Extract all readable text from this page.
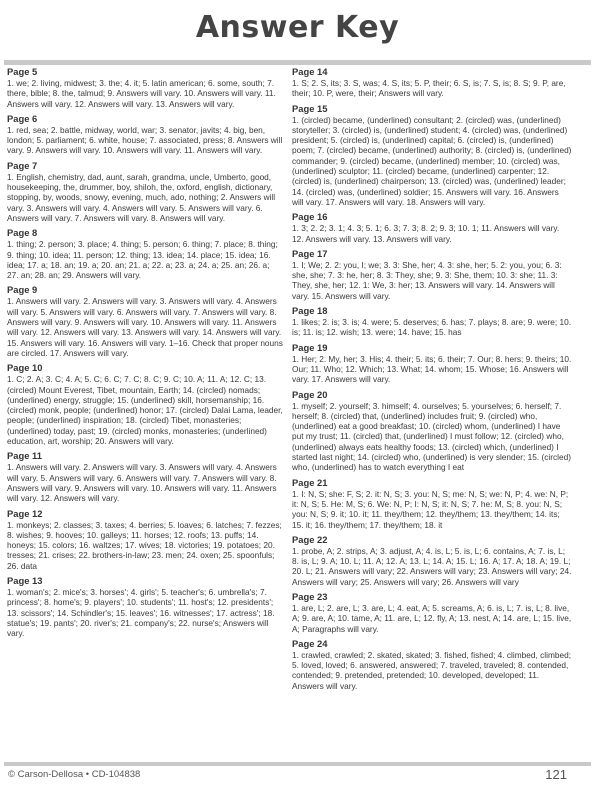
Answer Key
Page 5

1. we; 2. living, midwest; 3. the; 4. it; 5. latin american; 6. some, south; 7. there, bible; 8. the, talmud; 9. Answers will vary. 10. Answers will vary. 11. Answers will vary. 12. Answers will vary. 13. Answers will vary.

Page 6

1. red, sea; 2. battle, midway, world, war; 3. senator, javits; 4. big, ben, london; 5. parliament; 6. white, house; 7. associated, press; 8. Answers will vary. 9. Answers will vary. 10. Answers will vary. 11. Answers will vary.

Page 7

1. English, chemistry, dad, aunt, sarah, grandma, uncle, Umberto, good, housekeeping, the, drummer, boy, shiloh, the, oxford, english, dictionary, stopping, by, woods, snowy, evening, much, ado, nothing; 2. Answers will vary. 3. Answers will vary. 4. Answers will vary. 5. Answers will vary. 6. Answers will vary. 7. Answers will vary. 8. Answers will vary.

Page 8

1. thing; 2. person; 3. place; 4. thing; 5. person; 6. thing; 7. place; 8. thing; 9. thing; 10. idea; 11. person; 12. thing; 13. idea; 14. place; 15. idea; 16. idea; 17. a; 18. an; 19. a; 20. an; 21. a; 22. a; 23. a; 24. a; 25. an; 26. a; 27. an; 28. an; 29. Answers will vary.

Page 9

1. Answers will vary. 2. Answers will vary. 3. Answers will vary. 4. Answers will vary. 5. Answers will vary. 6. Answers will vary. 7. Answers will vary. 8. Answers will vary. 9. Answers will vary. 10. Answers will vary. 11. Answers will vary. 12. Answers will vary. 13. Answers will vary. 14. Answers will vary. 15. Answers will vary. 16. Answers will vary. 1–16. Check that proper nouns are circled. 17. Answers will vary.

Page 10

1. C; 2. A; 3. C; 4. A; 5. C; 6. C; 7. C; 8. C; 9. C; 10. A; 11. A; 12. C; 13. (circled) Mount Everest, Tibet, mountain, Earth; 14. (circled) nomads; (underlined) energy, struggle; 15. (underlined) skill, horsemanship; 16. (circled) monk, people; (underlined) honor; 17. (circled) Dalai Lama, leader, people; (underlined) inspiration; 18. (circled) Tibet, monasteries; (underlined) today, past; 19. (circled) monks, monasteries; (underlined) education, art, worship; 20. Answers will vary.

Page 11

1. Answers will vary. 2. Answers will vary. 3. Answers will vary. 4. Answers will vary. 5. Answers will vary. 6. Answers will vary. 7. Answers will vary. 8. Answers will vary. 9. Answers will vary. 10. Answers will vary. 11. Answers will vary. 12. Answers will vary.

Page 12

1. monkeys; 2. classes; 3. taxes; 4. berries; 5. loaves; 6. latches; 7. fezzes; 8. wishes; 9. hooves; 10. galleys; 11. horses; 12. roofs; 13. puffs; 14. honeys; 15. colors; 16. waltzes; 17. wives; 18. victories; 19. potatoes; 20. tresses; 21. crises; 22. brothers-in-law; 23. men; 24. oxen; 25. spoonfuls; 26. data

Page 13

1. woman's; 2. mice's; 3. horses'; 4. girls'; 5. teacher's; 6. umbrella's; 7. princess'; 8. home's; 9. players'; 10. students'; 11. host's; 12. presidents'; 13. scissors'; 14. Schindler's; 15. leaves'; 16. witnesses'; 17. actress'; 18. statue's; 19. pants'; 20. river's; 21. company's; 22. nurse's; Answers will vary.

Page 14

1. S; 2. S, its; 3. S, was; 4. S, its; 5. P, their; 6. S, is; 7. S, is; 8. S; 9. P, are, their; 10. P, were, their; Answers will vary.

Page 15

1. (circled) became, (underlined) consultant; 2. (circled) was, (underlined) storyteller; 3. (circled) is, (underlined) student; 4. (circled) was, (underlined) president; 5. (circled) is, (underlined) capital; 6. (circled) is, (underlined) poem; 7. (circled) became, (underlined) authority; 8. (circled) is, (underlined) commander; 9. (circled) became, (underlined) member; 10. (circled) was, (underlined) sculptor; 11. (circled) became, (underlined) carpenter; 12. (circled) is, (underlined) chairperson; 13. (circled) was, (underlined) leader; 14. (circled) was, (underlined) soldier; 15. Answers will vary. 16. Answers will vary. 17. Answers will vary. 18. Answers will vary.

Page 16

1. 3; 2. 2; 3. 1; 4. 3; 5. 1; 6. 3; 7. 3; 8. 2; 9. 3; 10. 1; 11. Answers will vary. 12. Answers will vary. 13. Answers will vary.

Page 17

1. I; We; 2. 2: you, I; we; 3. 3: She, her; 4. 3: she, her; 5. 2: you, you; 6. 3: she, she; 7. 3: he, her; 8. 3: They, she; 9. 3: She, them; 10. 3: she; 11. 3: They, she, her; 12. 1: We, 3: her; 13. Answers will vary. 14. Answers will vary. 15. Answers will vary.

Page 18

1. likes; 2. is; 3. is; 4. were; 5. deserves; 6. has; 7. plays; 8. are; 9. were; 10. is; 11. is; 12. wish; 13. were; 14. have; 15. has

Page 19

1. Her; 2. My, her; 3. His; 4. their; 5. its; 6. their; 7. Our; 8. hers; 9. theirs; 10. Our; 11. Who; 12. Which; 13. What; 14. whom; 15. Whose; 16. Answers will vary. 17. Answers will vary.

Page 20

1. myself; 2. yourself; 3. himself; 4. ourselves; 5. yourselves; 6. herself; 7. herself; 8. (circled) that, (underlined) includes fruit; 9. (circled) who, (underlined) eat a good breakfast; 10. (circled) whom, (underlined) I have put my trust; 11. (circled) that, (underlined) I must follow; 12. (circled) who, (underlined) always eats healthy foods; 13. (circled) which, (underlined) I started last night; 14. (circled) who, (underlined) is very slender; 15. (circled) who, (underlined) has to watch everything I eat

Page 21

1. I: N, S; she: F, S; 2. it: N, S; 3. you: N, S; me: N, S; we: N, P; 4. we: N, P; it: N, S; 5. He: M, S; 6. We: N, P; I: N, S; it: N, S; 7. he: M, S; 8. you: N, S; you: N, S; 9. it; 10. it; 11. they/them; 12. they/them; 13. they/them; 14. its; 15. it; 16. they/them; 17. they/them; 18. it

Page 22

1. probe, A; 2. strips, A; 3. adjust, A; 4. is, L; 5. is, L; 6. contains, A; 7. is, L; 8. is, L; 9. A; 10. L; 11. A; 12. A; 13. L; 14. A; 15. L; 16. A; 17. A; 18. A; 19. L; 20. L; 21. Answers will vary; 22. Answers will vary; 23. Answers will vary; 24. Answers will vary; 25. Answers will vary; 26. Answers will vary

Page 23

1. are, L; 2. are, L; 3. are, L; 4. eat, A; 5. screams, A; 6. is, L; 7. is, L; 8. live, A; 9. are, A; 10. tame, A; 11. are, L; 12. fly, A; 13. nest, A; 14. are, L; 15. live, A; Paragraphs will vary.

Page 24

1. crawled, crawled; 2. skated, skated; 3. fished, fished; 4. climbed, climbed; 5. loved, loved; 6. answered, answered; 7. traveled, traveled; 8. contended, contended; 9. pretended, pretended; 10. developed, developed; 11. Answers will vary.

© Carson-Dellosa • CD-104838	121
